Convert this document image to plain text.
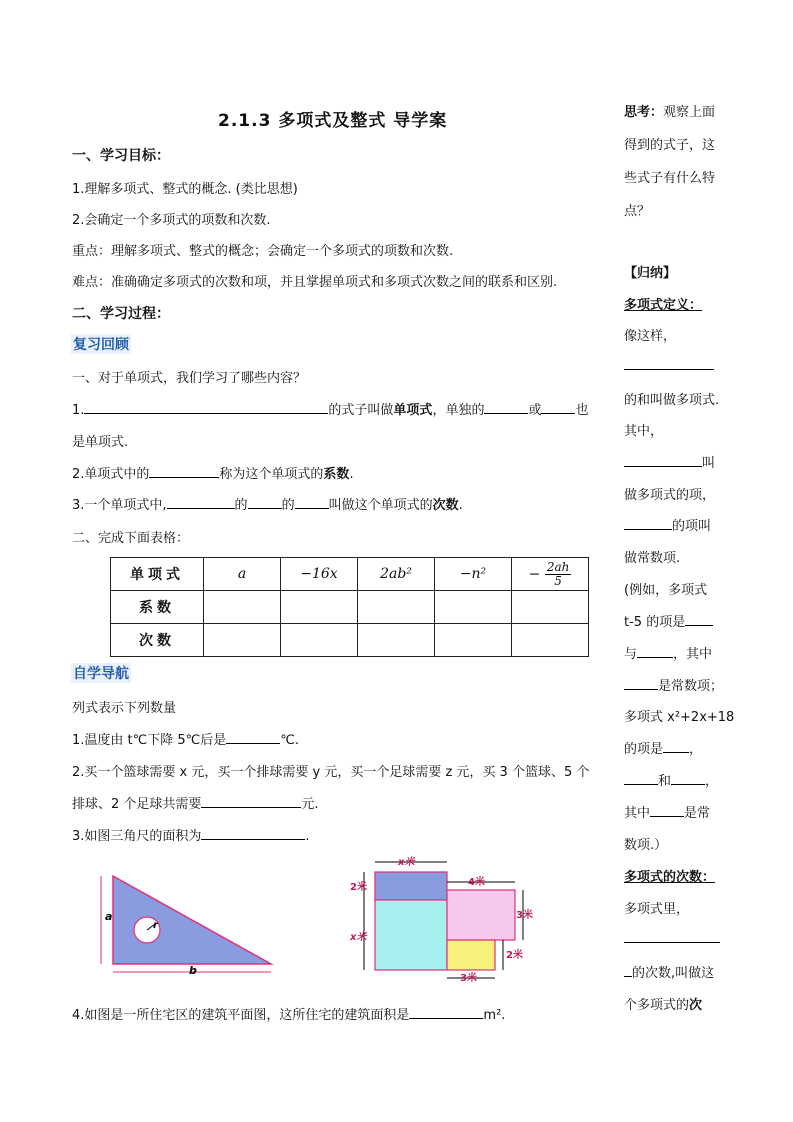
2.1.3 多项式及整式 导学案
一、学习目标：
1.理解多项式、整式的概念. (类比思想)
2.会确定一个多项式的项数和次数.
重点：理解多项式、整式的概念；会确定一个多项式的项数和次数.
难点：准确确定多项式的次数和项，并且掌握单项式和多项式次数之间的联系和区别.
二、学习过程：
复习回顾
一、对于单项式，我们学习了哪些内容？
1.	的式子叫做单项式，单独的	或	也
是单项式.
2.单项式中的	称为这个单项式的系数.
3.一个单项式中,	的	的	叫做这个单项式的次数.
二、完成下面表格：
单项式	a	−16x	2ab²	−n²	− $\frac{2ah}{5}$

系数					
次数					
自学导航
列式表示下列数量
1.温度由 t℃下降 5℃后是	℃.
2.买一个篮球需要 x 元，买一个排球需要 y 元，买一个足球需要 z 元，买 3 个篮球、5 个
排球、2 个足球共需要	元.
3.如图三角尺的面积为	.
r
a
b
x米
2米
x米
4米
3米
2米
3米
4.如图是一所住宅区的建筑平面图，这所住宅的建筑面积是	m².
思考：观察上面
得到的式子，这
些式子有什么特
点？
【归纳】
多项式定义：
像这样，
的和叫做多项式.
其中，
叫
做多项式的项，
的项叫
做常数项.
(例如，多项式
t-5 的项是
与	，其中
是常数项；
多项式 x²+2x+18
的项是 ，
和	，
其中	是常
数项.）
多项式的次数：
多项式里，
的次数,叫做这
个多项式的次
